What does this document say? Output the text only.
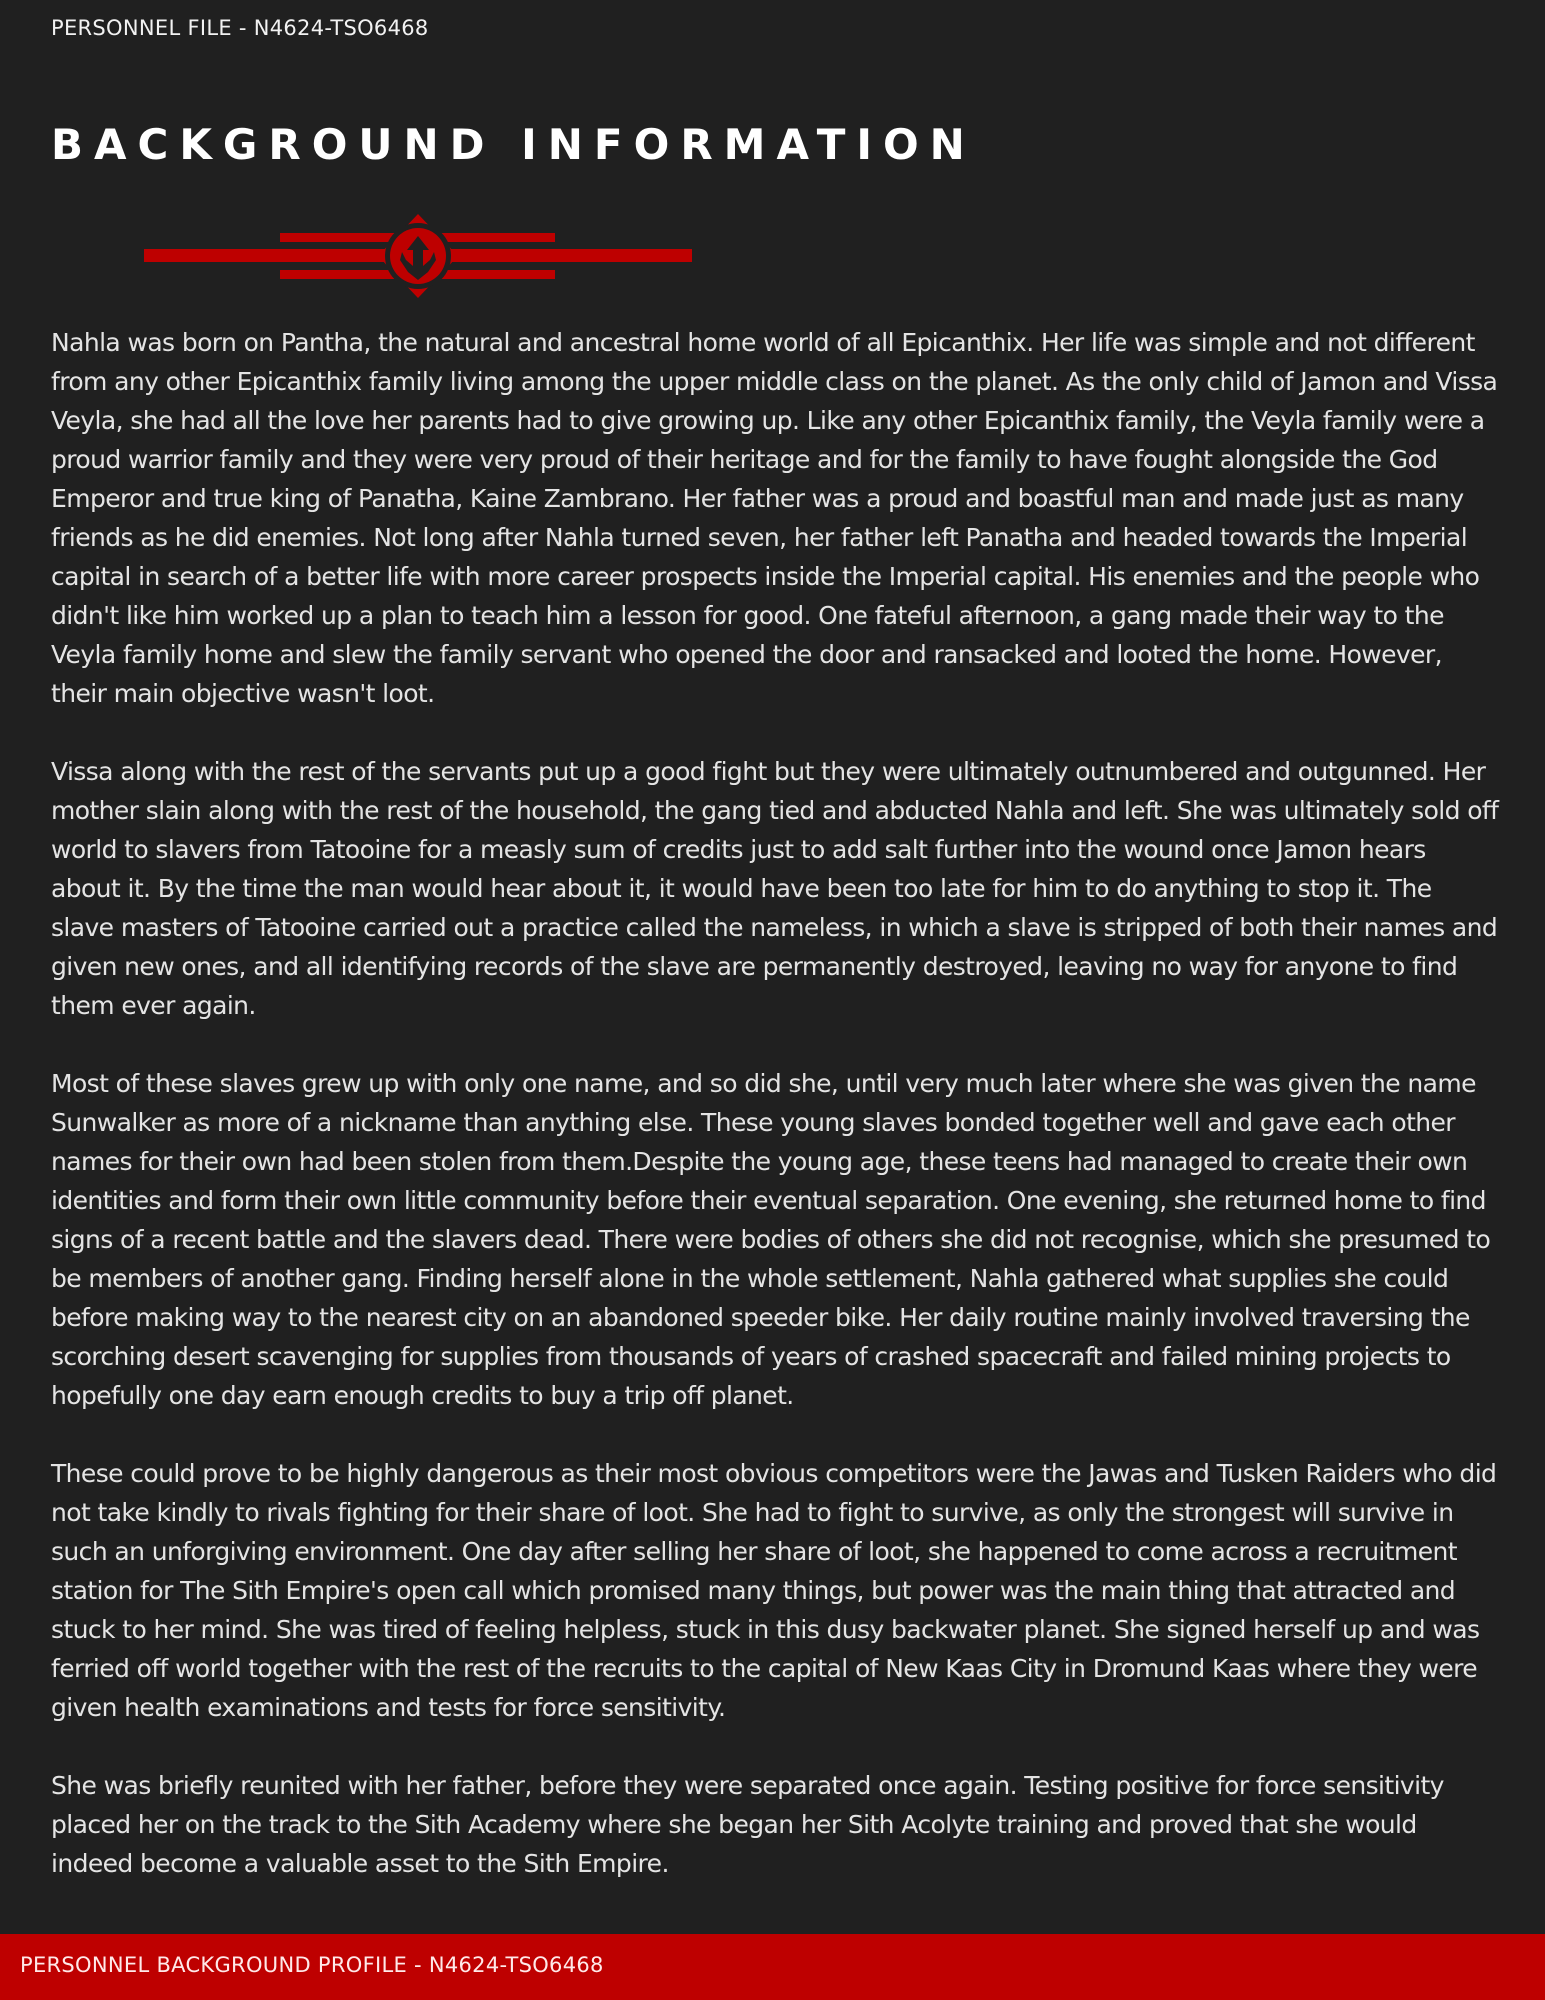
PERSONNEL FILE - N4624-TSO6468
BACKGROUND INFORMATION

Nahla was born on Pantha, the natural and ancestral home world of all Epicanthix. Her life was simple and not different from any other Epicanthix family living among the upper middle class on the planet. As the only child of Jamon and Vissa Veyla, she had all the love her parents had to give growing up. Like any other Epicanthix family, the Veyla family were a proud warrior family and they were very proud of their heritage and for the family to have fought alongside the God Emperor and true king of Panatha, Kaine Zambrano. Her father was a proud and boastful man and made just as many friends as he did enemies. Not long after Nahla turned seven, her father left Panatha and headed towards the Imperial capital in search of a better life with more career prospects inside the Imperial capital. His enemies and the people who didn't like him worked up a plan to teach him a lesson for good. One fateful afternoon, a gang made their way to the Veyla family home and slew the family servant who opened the door and ransacked and looted the home. However, their main objective wasn't loot.

Vissa along with the rest of the servants put up a good fight but they were ultimately outnumbered and outgunned. Her mother slain along with the rest of the household, the gang tied and abducted Nahla and left. She was ultimately sold off world to slavers from Tatooine for a measly sum of credits just to add salt further into the wound once Jamon hears about it. By the time the man would hear about it, it would have been too late for him to do anything to stop it. The slave masters of Tatooine carried out a practice called the nameless, in which a slave is stripped of both their names and given new ones, and all identifying records of the slave are permanently destroyed, leaving no way for anyone to find them ever again.

Most of these slaves grew up with only one name, and so did she, until very much later where she was given the name Sunwalker as more of a nickname than anything else. These young slaves bonded together well and gave each other names for their own had been stolen from them.Despite the young age, these teens had managed to create their own identities and form their own little community before their eventual separation. One evening, she returned home to find signs of a recent battle and the slavers dead. There were bodies of others she did not recognise, which she presumed to be members of another gang. Finding herself alone in the whole settlement, Nahla gathered what supplies she could before making way to the nearest city on an abandoned speeder bike. Her daily routine mainly involved traversing the scorching desert scavenging for supplies from thousands of years of crashed spacecraft and failed mining projects to hopefully one day earn enough credits to buy a trip off planet.

These could prove to be highly dangerous as their most obvious competitors were the Jawas and Tusken Raiders who did not take kindly to rivals fighting for their share of loot. She had to fight to survive, as only the strongest will survive in such an unforgiving environment. One day after selling her share of loot, she happened to come across a recruitment station for The Sith Empire's open call which promised many things, but power was the main thing that attracted and stuck to her mind. She was tired of feeling helpless, stuck in this dusy backwater planet. She signed herself up and was ferried off world together with the rest of the recruits to the capital of New Kaas City in Dromund Kaas where they were given health examinations and tests for force sensitivity.

She was briefly reunited with her father, before they were separated once again. Testing positive for force sensitivity placed her on the track to the Sith Academy where she began her Sith Acolyte training and proved that she would indeed become a valuable asset to the Sith Empire.

PERSONNEL BACKGROUND PROFILE - N4624-TSO6468
